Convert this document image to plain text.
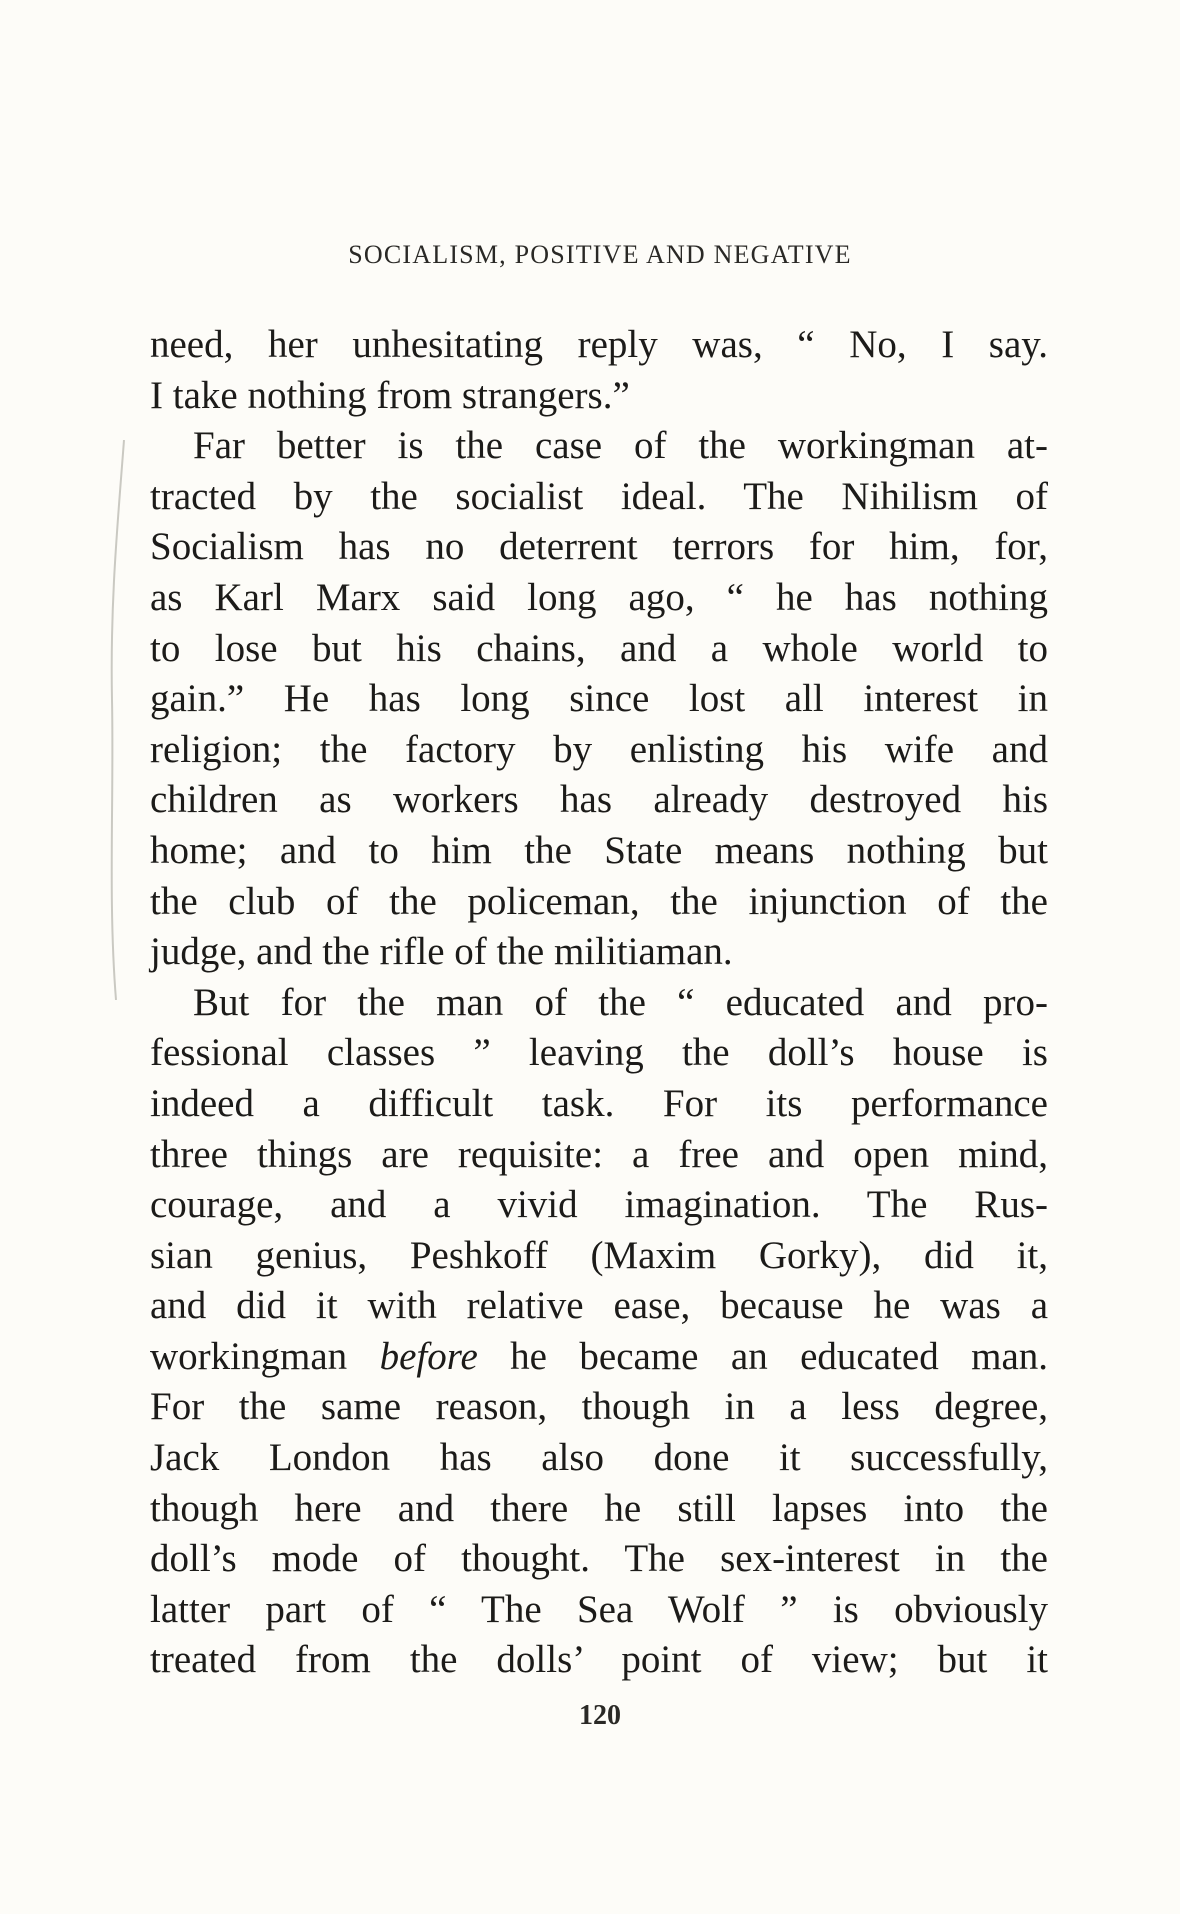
SOCIALISM, POSITIVE AND NEGATIVE
need, her unhesitating reply was, “ No, I say.
I take nothing from strangers.”
Far better is the case of the workingman at-
tracted by the socialist ideal. The Nihilism of
Socialism has no deterrent terrors for him, for,
as Karl Marx said long ago, “ he has nothing
to lose but his chains, and a whole world to
gain.” He has long since lost all interest in
religion; the factory by enlisting his wife and
children as workers has already destroyed his
home; and to him the State means nothing but
the club of the policeman, the injunction of the
judge, and the rifle of the militiaman.
But for the man of the “ educated and pro-
fessional classes ” leaving the doll’s house is
indeed a difficult task. For its performance
three things are requisite: a free and open mind,
courage, and a vivid imagination. The Rus-
sian genius, Peshkoff (Maxim Gorky), did it,
and did it with relative ease, because he was a
workingman before he became an educated man.
For the same reason, though in a less degree,
Jack London has also done it successfully,
though here and there he still lapses into the
doll’s mode of thought. The sex-interest in the
latter part of “ The Sea Wolf ” is obviously
treated from the dolls’ point of view; but it
120
